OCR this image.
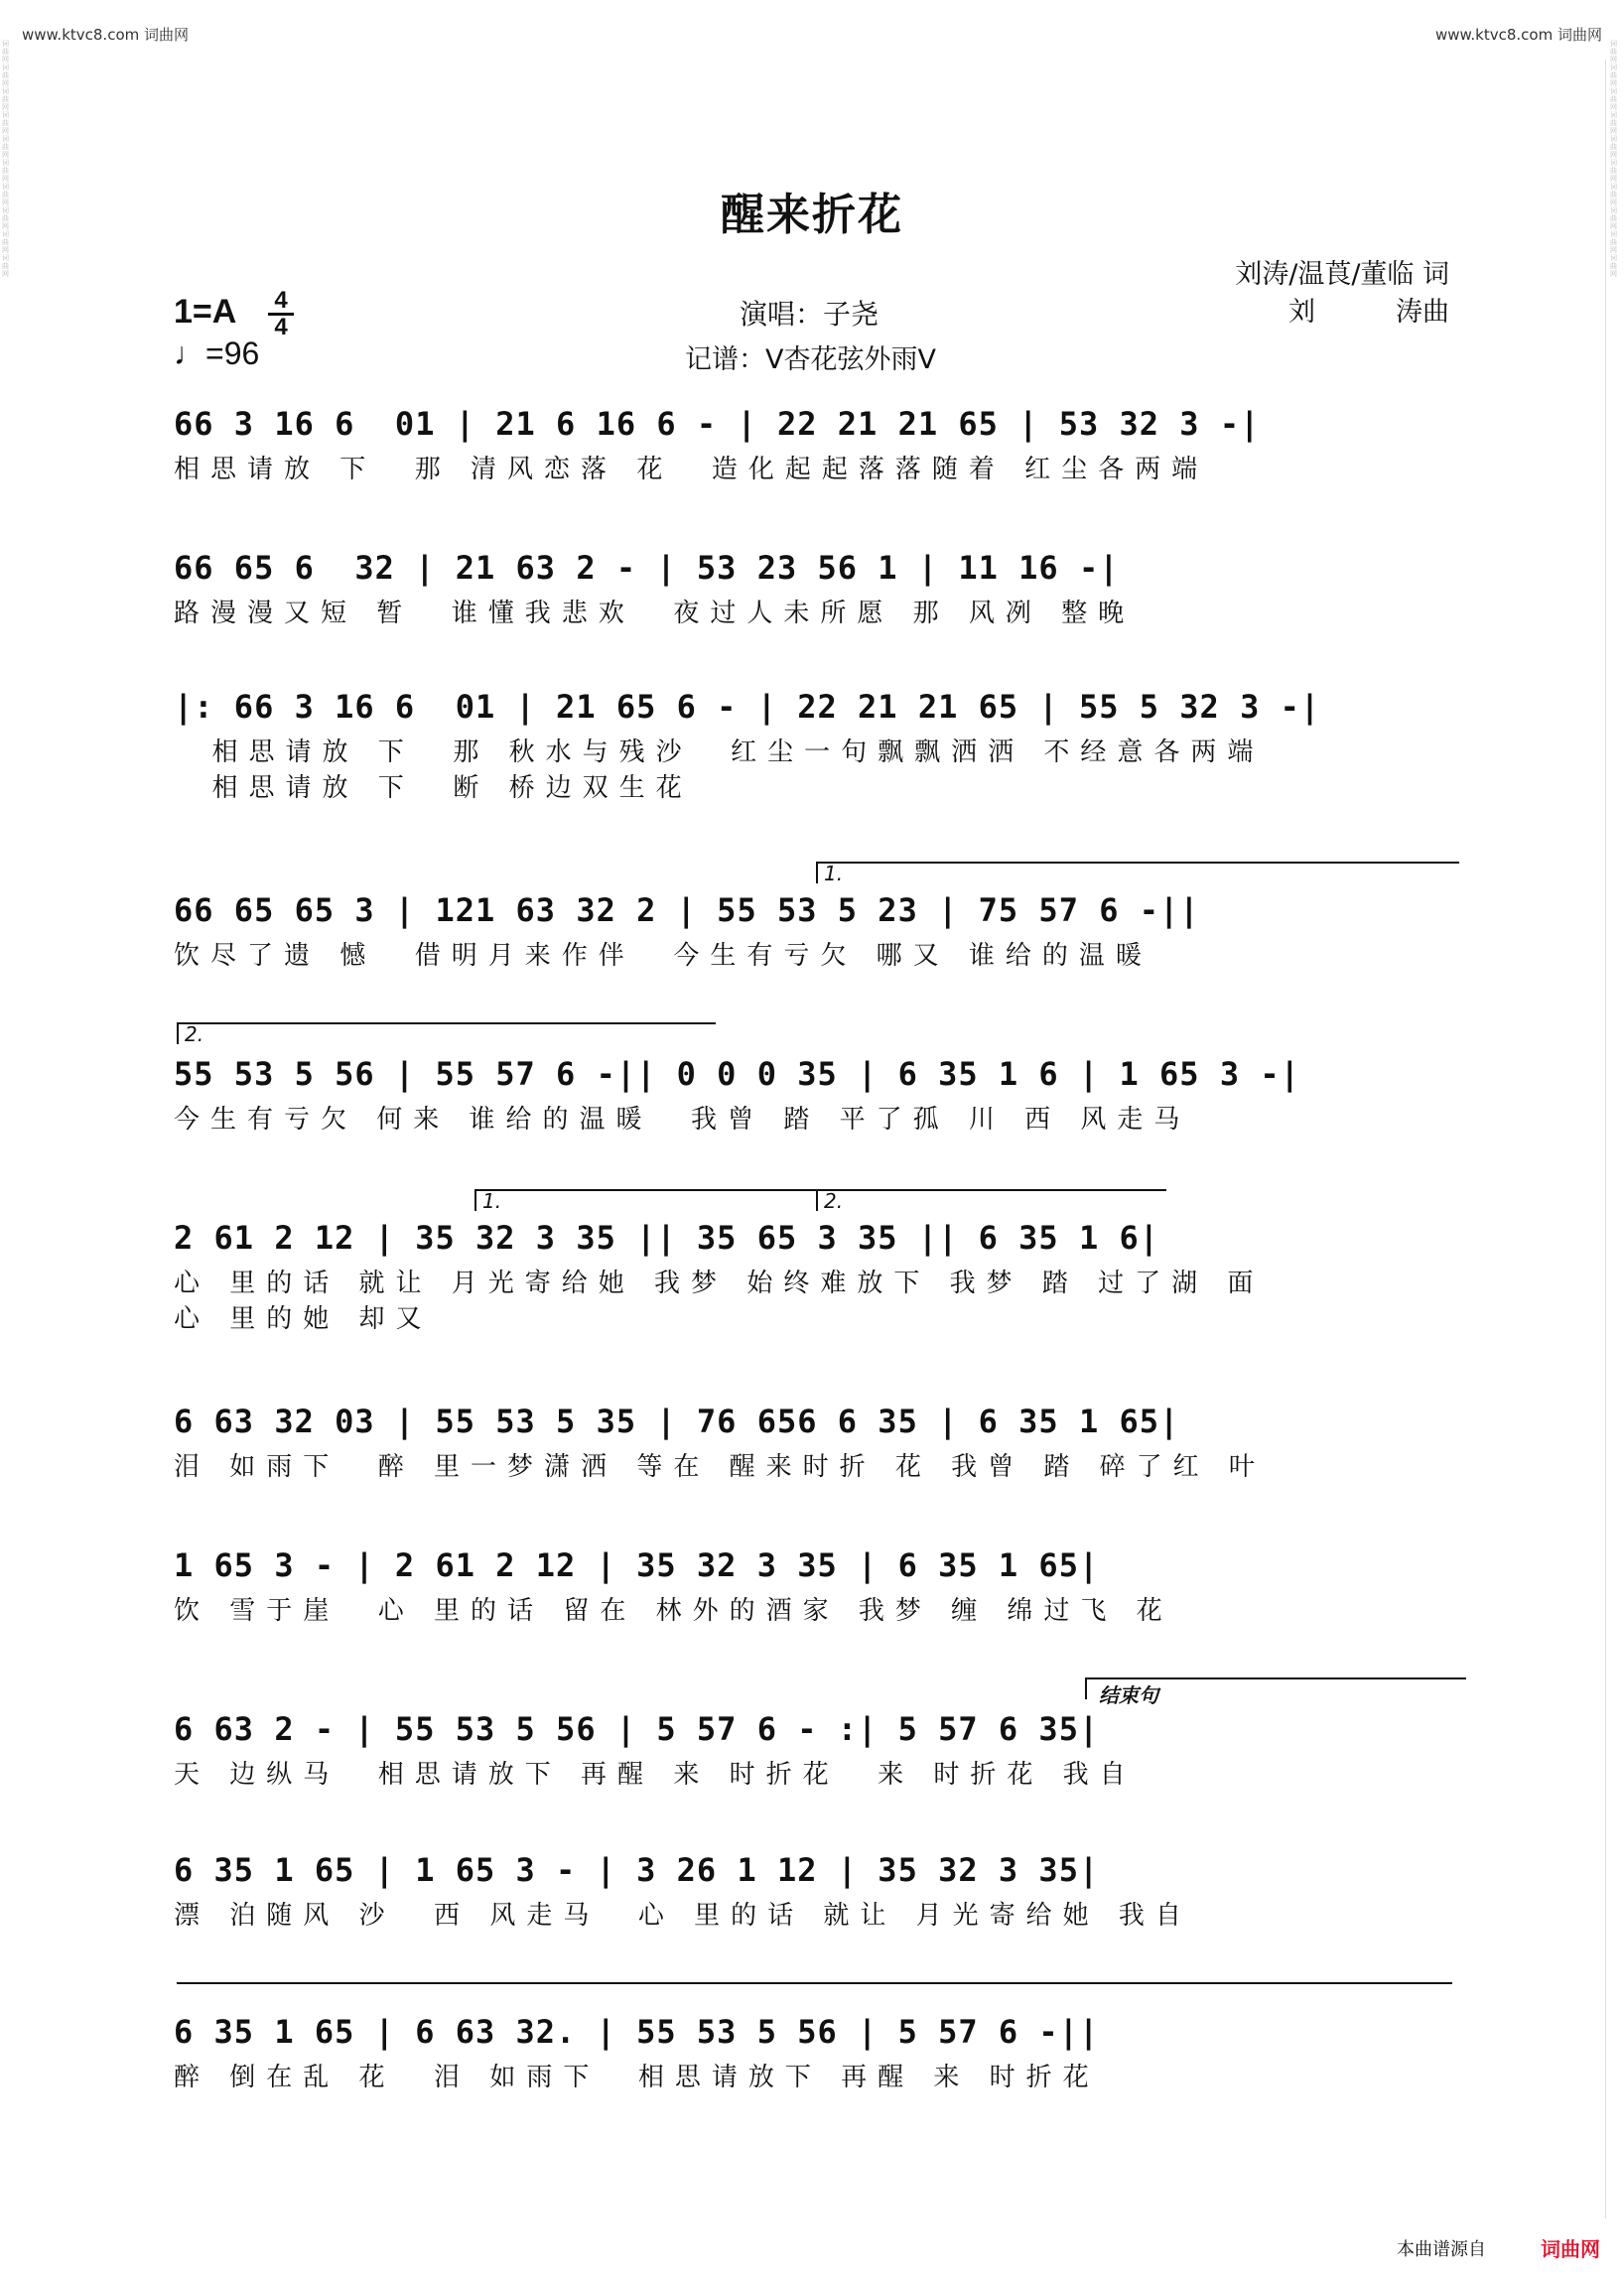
www.ktvc8.com 词曲网	www.ktvc8.com 词曲网
词曲网词曲网词曲网词曲网词曲网词曲网词曲网词曲网词曲网词曲网
词曲网词曲网词曲网词曲网词曲网词曲网词曲网词曲网词曲网词曲网
醒来折花
1=A 4
4
♩=96
演唱：子尧
记谱：V杏花弦外雨V
刘涛/温莨/董临 词
刘　　　涛曲
66 3 16 6  01 | 21 6 16 6 - | 22 21 21 65 | 53 32 3 -|
相思请放 下  那 清风恋落 花  造化起起落落随着 红尘各两端
66 65 6  32 | 21 63 2 - | 53 23 56 1 | 11 16 -|
路漫漫又短 暂  谁懂我悲欢  夜过人未所愿 那 风冽 整晚
|: 66 3 16 6  01 | 21 65 6 - | 22 21 21 65 | 55 5 32 3 -|
相思请放 下  那 秋水与残沙  红尘一句飘飘洒洒 不经意各两端
相思请放 下  断 桥边双生花
1.
66 65 65 3 | 121 63 32 2 | 55 53 5 23 | 75 57 6 -||
饮尽了遗 憾  借明月来作伴  今生有亏欠 哪又 谁给的温暖
2.
55 53 5 56 | 55 57 6 -|| 0 0 0 35 | 6 35 1 6 | 1 65 3 -|
今生有亏欠 何来 谁给的温暖  我曾 踏 平了孤 川 西 风走马
1.	2.
2 61 2 12 | 35 32 3 35 || 35 65 3 35 || 6 35 1 6|
心 里的话 就让 月光寄给她 我梦 始终难放下 我梦 踏 过了湖 面
心 里的她 却又
6 63 32 03 | 55 53 5 35 | 76 656 6 35 | 6 35 1 65|
泪 如雨下  醉 里一梦潇洒 等在 醒来时折 花 我曾 踏 碎了红 叶
1 65 3 - | 2 61 2 12 | 35 32 3 35 | 6 35 1 65|
饮 雪于崖  心 里的话 留在 林外的酒家 我梦 缠 绵过飞 花
结束句
6 63 2 - | 55 53 5 56 | 5 57 6 - :| 5 57 6 35|
天 边纵马  相思请放下 再醒 来 时折花  来 时折花 我自
6 35 1 65 | 1 65 3 - | 3 26 1 12 | 35 32 3 35|
漂 泊随风 沙  西 风走马  心 里的话 就让 月光寄给她 我自
6 35 1 65 | 6 63 32. | 55 53 5 56 | 5 57 6 -||
醉 倒在乱 花  泪 如雨下  相思请放下 再醒 来 时折花
本曲谱源自	词曲网
